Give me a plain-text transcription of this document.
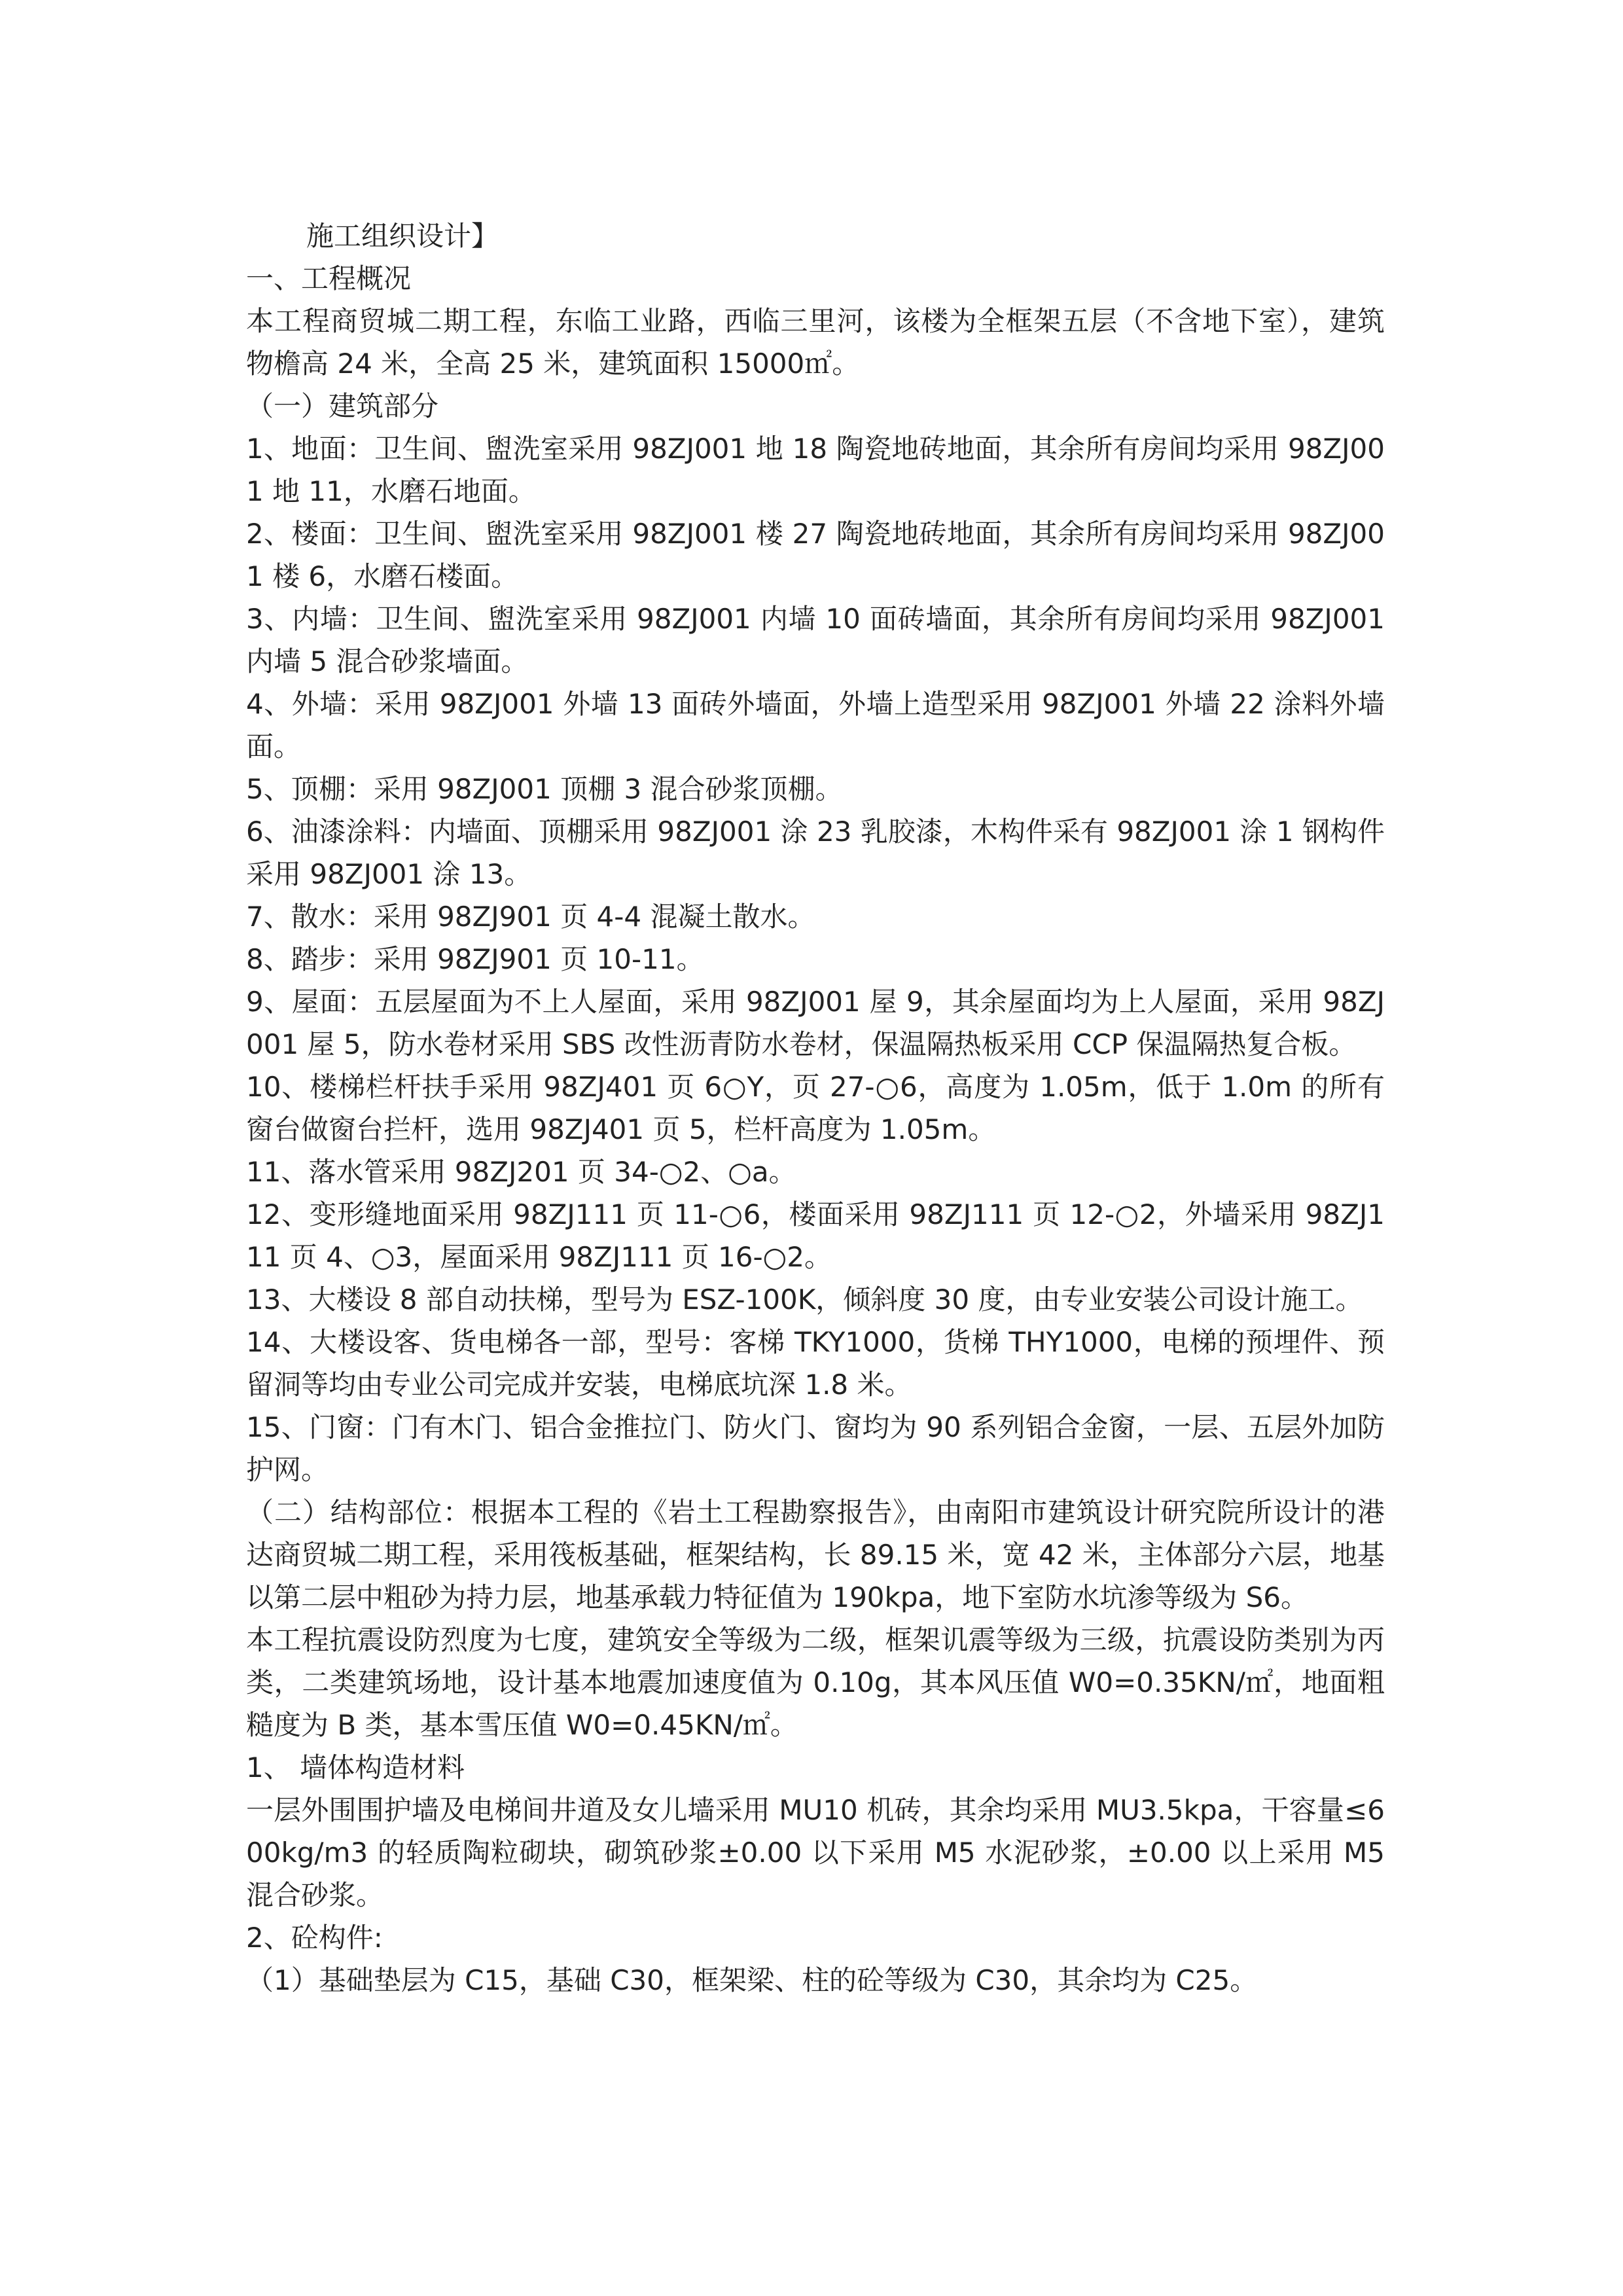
施工组织设计】

一、工程概况

本工程商贸城二期工程，东临工业路，西临三里河，该楼为全框架五层（不含地下室），建筑物檐高 24 米，全高 25 米，建筑面积 15000㎡。

（一）建筑部分

1、地面：卫生间、盥洗室采用 98ZJ001 地 18 陶瓷地砖地面，其余所有房间均采用 98ZJ001 地 11，水磨石地面。

2、楼面：卫生间、盥洗室采用 98ZJ001 楼 27 陶瓷地砖地面，其余所有房间均采用 98ZJ001 楼 6，水磨石楼面。

3、内墙：卫生间、盥洗室采用 98ZJ001 内墙 10 面砖墙面，其余所有房间均采用 98ZJ001 内墙 5 混合砂浆墙面。

4、外墙：采用 98ZJ001 外墙 13 面砖外墙面，外墙上造型采用 98ZJ001 外墙 22 涂料外墙面。

5、顶棚：采用 98ZJ001 顶棚 3 混合砂浆顶棚。

6、油漆涂料：内墙面、顶棚采用 98ZJ001 涂 23 乳胶漆，木构件采有 98ZJ001 涂 1 钢构件采用 98ZJ001 涂 13。

7、散水：采用 98ZJ901 页 4-4 混凝土散水。

8、踏步：采用 98ZJ901 页 10-11。

9、屋面：五层屋面为不上人屋面，采用 98ZJ001 屋 9，其余屋面均为上人屋面，采用 98ZJ001 屋 5，防水卷材采用 SBS 改性沥青防水卷材，保温隔热板采用 CCP 保温隔热复合板。

10、楼梯栏杆扶手采用 98ZJ401 页 6○Y，页 27-○6，高度为 1.05m，低于 1.0m 的所有窗台做窗台拦杆，选用 98ZJ401 页 5，栏杆高度为 1.05m。

11、落水管采用 98ZJ201 页 34-○2、○a。

12、变形缝地面采用 98ZJ111 页 11-○6，楼面采用 98ZJ111 页 12-○2，外墙采用 98ZJ111 页 4、○3，屋面采用 98ZJ111 页 16-○2。

13、大楼设 8 部自动扶梯，型号为 ESZ-100K，倾斜度 30 度，由专业安装公司设计施工。

14、大楼设客、货电梯各一部，型号：客梯 TKY1000，货梯 THY1000，电梯的预埋件、预留洞等均由专业公司完成并安装，电梯底坑深 1.8 米。

15、门窗：门有木门、铝合金推拉门、防火门、窗均为 90 系列铝合金窗，一层、五层外加防护网。

（二）结构部位：根据本工程的《岩土工程勘察报告》，由南阳市建筑设计研究院所设计的港达商贸城二期工程，采用筏板基础，框架结构，长 89.15 米，宽 42 米，主体部分六层，地基以第二层中粗砂为持力层，地基承载力特征值为 190kpa，地下室防水坑渗等级为 S6。

本工程抗震设防烈度为七度，建筑安全等级为二级，框架讥震等级为三级，抗震设防类别为丙类，二类建筑场地，设计基本地震加速度值为 0.10g，其本风压值 W0=0.35KN/㎡，地面粗糙度为 B 类，基本雪压值 W0=0.45KN/㎡。

1、 墙体构造材料

一层外围围护墙及电梯间井道及女儿墙采用 MU10 机砖，其余均采用 MU3.5kpa，干容量≤600kg/m3 的轻质陶粒砌块，砌筑砂浆±0.00 以下采用 M5 水泥砂浆，±0.00 以上采用 M5 混合砂浆。

2、砼构件:

（1）基础垫层为 C15，基础 C30，框架梁、柱的砼等级为 C30，其余均为 C25。
